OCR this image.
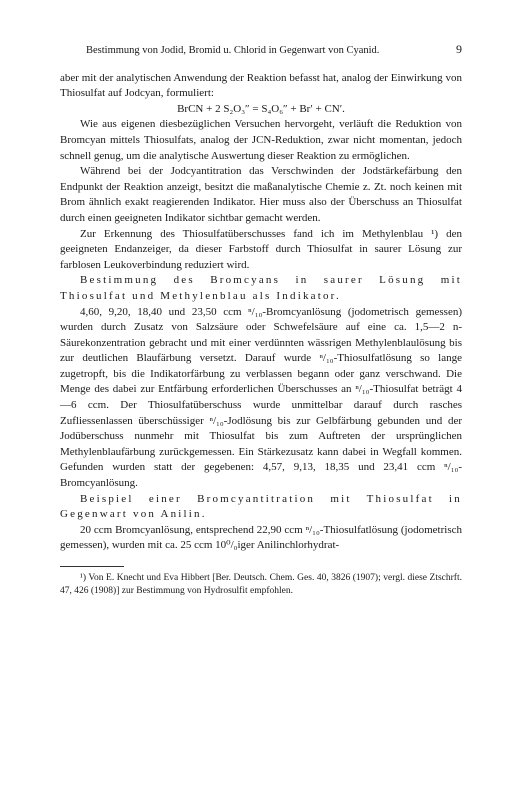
Bestimmung von Jodid, Bromid u. Chlorid in Gegenwart von Cyanid.	9

aber mit der analytischen Anwendung der Reaktion befasst hat, analog der Einwirkung von Thiosulfat auf Jodcyan, formuliert:

BrCN + 2 S₂O₃″ = S₄O₆″ + Br′ + CN′.

Wie aus eigenen diesbezüglichen Versuchen hervorgeht, verläuft die Reduktion von Bromcyan mittels Thiosulfats, analog der JCN-Reduktion, zwar nicht momentan, jedoch schnell genug, um die analytische Auswertung dieser Reaktion zu ermöglichen.

Während bei der Jodcyantitration das Verschwinden der Jodstärkefärbung den Endpunkt der Reaktion anzeigt, besitzt die maßanalytische Chemie z. Zt. noch keinen mit Brom ähnlich exakt reagierenden Indikator. Hier muss also der Überschuss an Thiosulfat durch einen geeigneten Indikator sichtbar gemacht werden.

Zur Erkennung des Thiosulfatüberschusses fand ich im Methylenblau ¹) den geeigneten Endanzeiger, da dieser Farbstoff durch Thiosulfat in saurer Lösung zur farblosen Leukoverbindung reduziert wird.

Bestimmung des Bromcyans in saurer Lösung mit Thiosulfat und Methylenblau als Indikator.

4,60, 9,20, 18,40 und 23,50 ccm ⁿ/₁₀-Bromcyanlösung (jodometrisch gemessen) wurden durch Zusatz von Salzsäure oder Schwefelsäure auf eine ca. 1,5—2 n-Säurekonzentration gebracht und mit einer verdünnten wässrigen Methylenblaulösung bis zur deutlichen Blaufärbung versetzt. Darauf wurde ⁿ/₁₀-Thiosulfatlösung so lange zugetropft, bis die Indikatorfärbung zu verblassen begann oder ganz verschwand. Die Menge des dabei zur Entfärbung erforderlichen Überschusses an ⁿ/₁₀-Thiosulfat beträgt 4—6 ccm. Der Thiosulfatüberschuss wurde unmittelbar darauf durch rasches Zufliessenlassen überschüssiger ⁿ/₁₀-Jodlösung bis zur Gelbfärbung gebunden und der Jodüberschuss nunmehr mit Thiosulfat bis zum Auftreten der ursprünglichen Methylenblaufärbung zurückgemessen. Ein Stärkezusatz kann dabei in Wegfall kommen. Gefunden wurden statt der gegebenen: 4,57, 9,13, 18,35 und 23,41 ccm ⁿ/₁₀-Bromcyanlösung.

Beispiel einer Bromcyantitration mit Thiosulfat in Gegenwart von Anilin.

20 ccm Bromcyanlösung, entsprechend 22,90 ccm ⁿ/₁₀-Thiosulfatlösung (jodometrisch gemessen), wurden mit ca. 25 ccm 10⁰/₀iger Anilinchlorhydrat-

¹) Von E. Knecht und Eva Hibbert [Ber. Deutsch. Chem. Ges. 40, 3826 (1907); vergl. diese Ztschrft. 47, 426 (1908)] zur Bestimmung von Hydrosulfit empfohlen.
